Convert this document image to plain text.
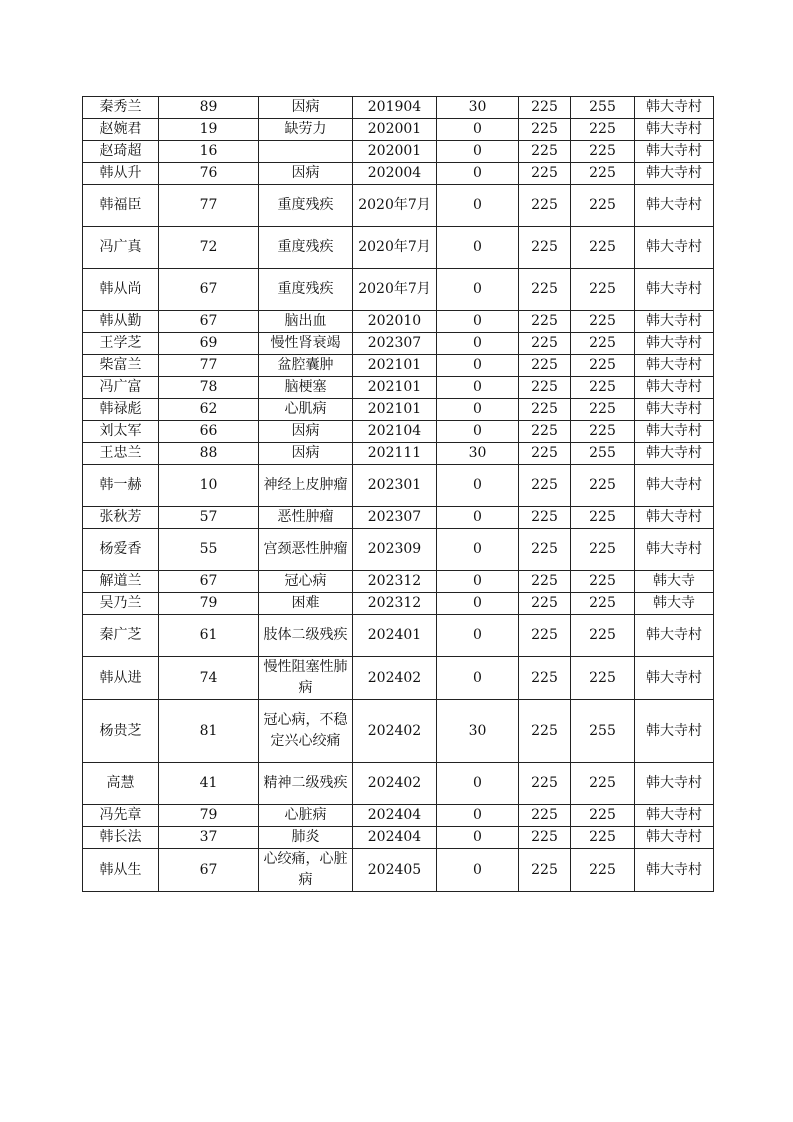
秦秀兰	89	因病	201904	30	225	255	韩大寺村
赵婉君	19	缺劳力	202001	0	225	225	韩大寺村
赵琦超	16		202001	0	225	225	韩大寺村
韩从升	76	因病	202004	0	225	225	韩大寺村
韩福臣	77	重度残疾	2020年7月	0	225	225	韩大寺村
冯广真	72	重度残疾	2020年7月	0	225	225	韩大寺村
韩从尚	67	重度残疾	2020年7月	0	225	225	韩大寺村
韩从勤	67	脑出血	202010	0	225	225	韩大寺村
王学芝	69	慢性肾衰竭	202307	0	225	225	韩大寺村
柴富兰	77	盆腔囊肿	202101	0	225	225	韩大寺村
冯广富	78	脑梗塞	202101	0	225	225	韩大寺村
韩禄彪	62	心肌病	202101	0	225	225	韩大寺村
刘太军	66	因病	202104	0	225	225	韩大寺村
王忠兰	88	因病	202111	30	225	255	韩大寺村
韩一赫	10	神经上皮肿瘤	202301	0	225	225	韩大寺村
张秋芳	57	恶性肿瘤	202307	0	225	225	韩大寺村
杨爱香	55	宫颈恶性肿瘤	202309	0	225	225	韩大寺村
解道兰	67	冠心病	202312	0	225	225	韩大寺
吴乃兰	79	困难	202312	0	225	225	韩大寺
秦广芝	61	肢体二级残疾	202401	0	225	225	韩大寺村
韩从进	74	慢性阻塞性肺病	202402	0	225	225	韩大寺村
杨贵芝	81	冠心病，不稳定兴心绞痛	202402	30	225	255	韩大寺村
高慧	41	精神二级残疾	202402	0	225	225	韩大寺村
冯先章	79	心脏病	202404	0	225	225	韩大寺村
韩长法	37	肺炎	202404	0	225	225	韩大寺村
韩从生	67	心绞痛，心脏病	202405	0	225	225	韩大寺村
